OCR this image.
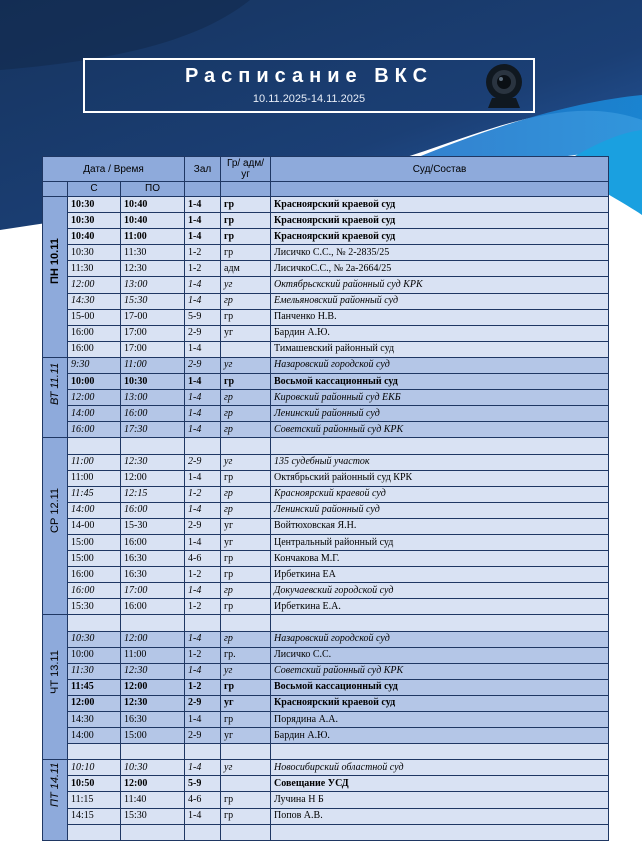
Расписание ВКС
10.11.2025-14.11.2025
Дата / Время			Зал	Гр/ адм/уг	Суд/Состав
	С	ПО			

ПН 10.11	10:30	10:40	1-4	гр	Красноярский краевой суд
	10:30	10:40	1-4	гр	Красноярский краевой суд
	10:40	11:00	1-4	гр	Красноярский краевой суд
	10:30	11:30	1-2	гр	Лисичко С.С., № 2-2835/25
	11:30	12:30	1-2	адм	ЛисичкоС.С., № 2а-2664/25
	12:00	13:00	1-4	уг	Октябрьскский районный суд КРК
	14:30	15:30	1-4	гр	Емельяновский районный суд
	15-00	17-00	5-9	гр	Панченко Н.В.
	16:00	17:00	2-9	уг	Бардин А.Ю.
	16:00	17:00	1-4		Тимашевский районный суд

ВТ 11.11	9:30	11:00	2-9	уг	Назаровский городской суд
	10:00	10:30	1-4	гр	Восьмой кассационный суд
	12:00	13:00	1-4	гр	Кировский районный суд ЕКБ
	14:00	16:00	1-4	гр	Ленинский районный суд
	16:00	17:30	1-4	гр	Советский районный суд КРК

СР 12.11					

	11:00	12:30	2-9	уг	135 судебный участок
	11:00	12:00	1-4	гр	Октябрьский районный суд КРК
	11:45	12:15	1-2	гр	Красноярский краевой суд
	14:00	16:00	1-4	гр	Ленинский районный суд
	14-00	15-30	2-9	уг	Войтюховская Я.Н.
	15:00	16:00	1-4	уг	Центральный районный суд
	15:00	16:30	4-6	гр	Кончакова М.Г.
	16:00	16:30	1-2	гр	Ирбеткина ЕА
	16:00	17:00	1-4	гр	Докучаевский городской суд
	15:30	16:00	1-2	гр	Ирбеткина Е.А.

ЧТ 13.11					

	10:30	12:00	1-4	гр	Назаровский городской суд
	10:00	11:00	1-2	гр.	Лисичко С.С.
	11:30	12:30	1-4	уг	Советский районный суд КРК
	11:45	12:00	1-2	гр	Восьмой кассационный суд
	12:00	12:30	2-9	уг	Красноярский краевой суд
	14:30	16:30	1-4	гр	Порядина А.А.
	14:00	15:00	2-9	уг	Бардин А.Ю.

ПТ 14.11	10:10	10:30	1-4	уг	Новосибирский областной суд
	10:50	12:00	5-9		Совещание УСД
	11:15	11:40	4-6	гр	Лучина Н Б
	14:15	15:30	1-4	гр	Попов А.В.
